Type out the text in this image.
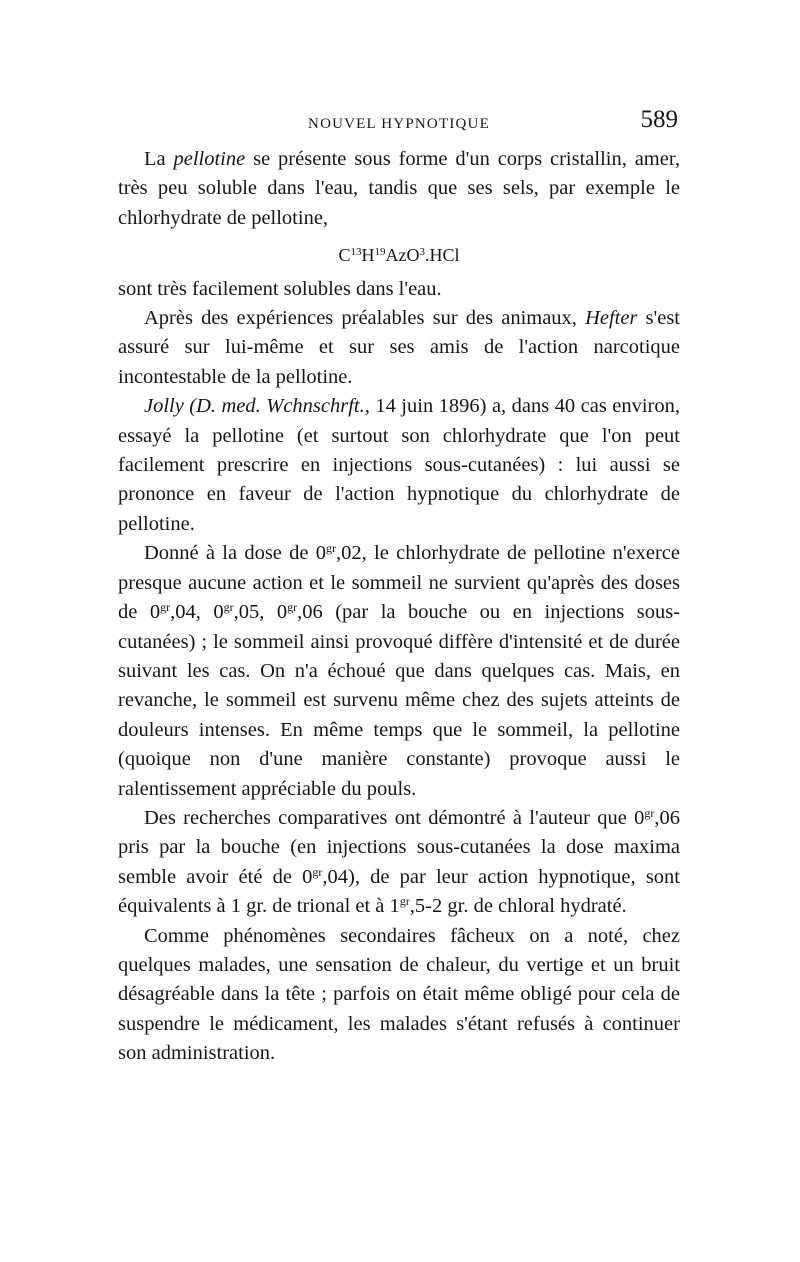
NOUVEL HYPNOTIQUE	589

La pellotine se présente sous forme d'un corps cristallin, amer, très peu soluble dans l'eau, tandis que ses sels, par exemple le chlorhydrate de pellotine,

$C^{13}H^{19}AzO^3.HCl$

sont très facilement solubles dans l'eau.

Après des expériences préalables sur des animaux, Hefter s'est assuré sur lui-même et sur ses amis de l'action narcotique incontestable de la pellotine.

Jolly (D. med. Wchnschrft., 14 juin 1896) a, dans 40 cas environ, essayé la pellotine (et surtout son chlorhydrate que l'on peut facilement prescrire en injections sous-cutanées) : lui aussi se prononce en faveur de l'action hypnotique du chlorhydrate de pellotine.

Donné à la dose de $0^{gr},02$, le chlorhydrate de pellotine n'exerce presque aucune action et le sommeil ne survient qu'après des doses de $0^{gr},04$, $0^{gr},05$, $0^{gr},06$ (par la bouche ou en injections sous-cutanées) ; le sommeil ainsi provoqué diffère d'intensité et de durée suivant les cas. On n'a échoué que dans quelques cas. Mais, en revanche, le sommeil est survenu même chez des sujets atteints de douleurs intenses. En même temps que le sommeil, la pellotine (quoique non d'une manière constante) provoque aussi le ralentissement appréciable du pouls.

Des recherches comparatives ont démontré à l'auteur que $0^{gr},06$ pris par la bouche (en injections sous-cutanées la dose maxima semble avoir été de $0^{gr},04$), de par leur action hypnotique, sont équivalents à 1 gr. de trional et à $1^{gr},5-2$ gr. de chloral hydraté.

Comme phénomènes secondaires fâcheux on a noté, chez quelques malades, une sensation de chaleur, du vertige et un bruit désagréable dans la tête ; parfois on était même obligé pour cela de suspendre le médicament, les malades s'étant refusés à continuer son administration.
